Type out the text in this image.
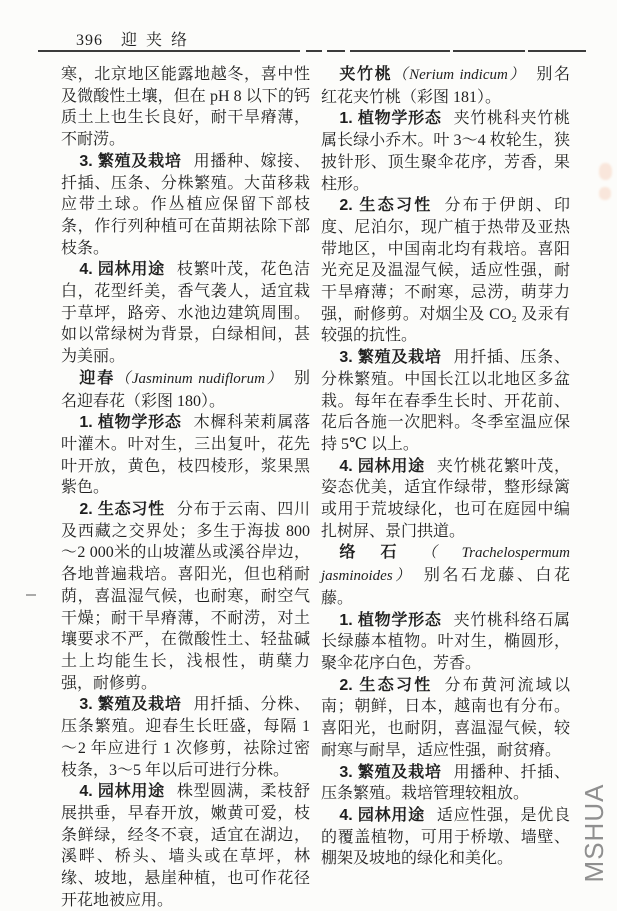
396 迎夹络

寒，北京地区能露地越冬，喜中性及微酸性土壤，但在 pH 8 以下的钙质土上也生长良好，耐干旱瘠薄，不耐涝。

3. 繁殖及栽培 用播种、嫁接、扦插、压条、分株繁殖。大苗移栽应带土球。作丛植应保留下部枝条，作行列种植可在苗期祛除下部枝条。

4. 园林用途 枝繁叶茂，花色洁白，花型纤美，香气袭人，适宜栽于草坪，路旁、水池边建筑周围。如以常绿树为背景，白绿相间，甚为美丽。

迎春（Jasminum nudiflorum）　别名迎春花（彩图 180）。

1. 植物学形态 木樨科茉莉属落叶灌木。叶对生，三出复叶，花先叶开放，黄色，枝四棱形，浆果黑紫色。

2. 生态习性 分布于云南、四川及西藏之交界处；多生于海拔 800～2 000米的山坡灌丛或溪谷岸边，各地普遍栽培。喜阳光，但也稍耐荫，喜温湿气候，也耐寒，耐空气干燥；耐干旱瘠薄，不耐涝，对土壤要求不严，在微酸性土、轻盐碱土上均能生长，浅根性，萌蘖力强，耐修剪。

3. 繁殖及栽培 用扦插、分株、压条繁殖。迎春生长旺盛，每隔 1～2 年应进行 1 次修剪，祛除过密枝条，3～5 年以后可进行分株。

4. 园林用途 株型圆满，柔枝舒展拱垂，早春开放，嫩黄可爱，枝条鲜绿，经冬不衰，适宜在湖边，溪畔、桥头、墙头或在草坪，林缘、坡地，悬崖种植，也可作花径开花地被应用。

夹竹桃（Nerium indicum）　别名红花夹竹桃（彩图 181）。

1. 植物学形态 夹竹桃科夹竹桃属长绿小乔木。叶 3～4 枚轮生，狭披针形、顶生聚伞花序，芳香，果柱形。

2. 生态习性 分布于伊朗、印度、尼泊尔，现广植于热带及亚热带地区，中国南北均有栽培。喜阳光充足及温湿气候，适应性强，耐干旱瘠薄；不耐寒，忌涝，萌芽力强，耐修剪。对烟尘及 CO₂ 及汞有较强的抗性。

3. 繁殖及栽培 用扦插、压条、分株繁殖。中国长江以北地区多盆栽。每年在春季生长时、开花前、花后各施一次肥料。冬季室温应保持 5℃ 以上。

4. 园林用途 夹竹桃花繁叶茂，姿态优美，适宜作绿带，整形绿篱或用于荒坡绿化，也可在庭园中编扎树屏、景门拱道。

络石（Trachelospermum jasminoides）　别名石龙藤、白花藤。

1. 植物学形态 夹竹桃科络石属长绿藤本植物。叶对生，椭圆形，聚伞花序白色，芳香。

2. 生态习性 分布黄河流域以南；朝鲜，日本，越南也有分布。喜阳光，也耐阴，喜温湿气候，较耐寒与耐旱，适应性强，耐贫瘠。

3. 繁殖及栽培 用播种、扦插、压条繁殖。栽培管理较粗放。

4. 园林用途 适应性强，是优良的覆盖植物，可用于桥墩、墙壁、棚架及坡地的绿化和美化。	MSHUA
